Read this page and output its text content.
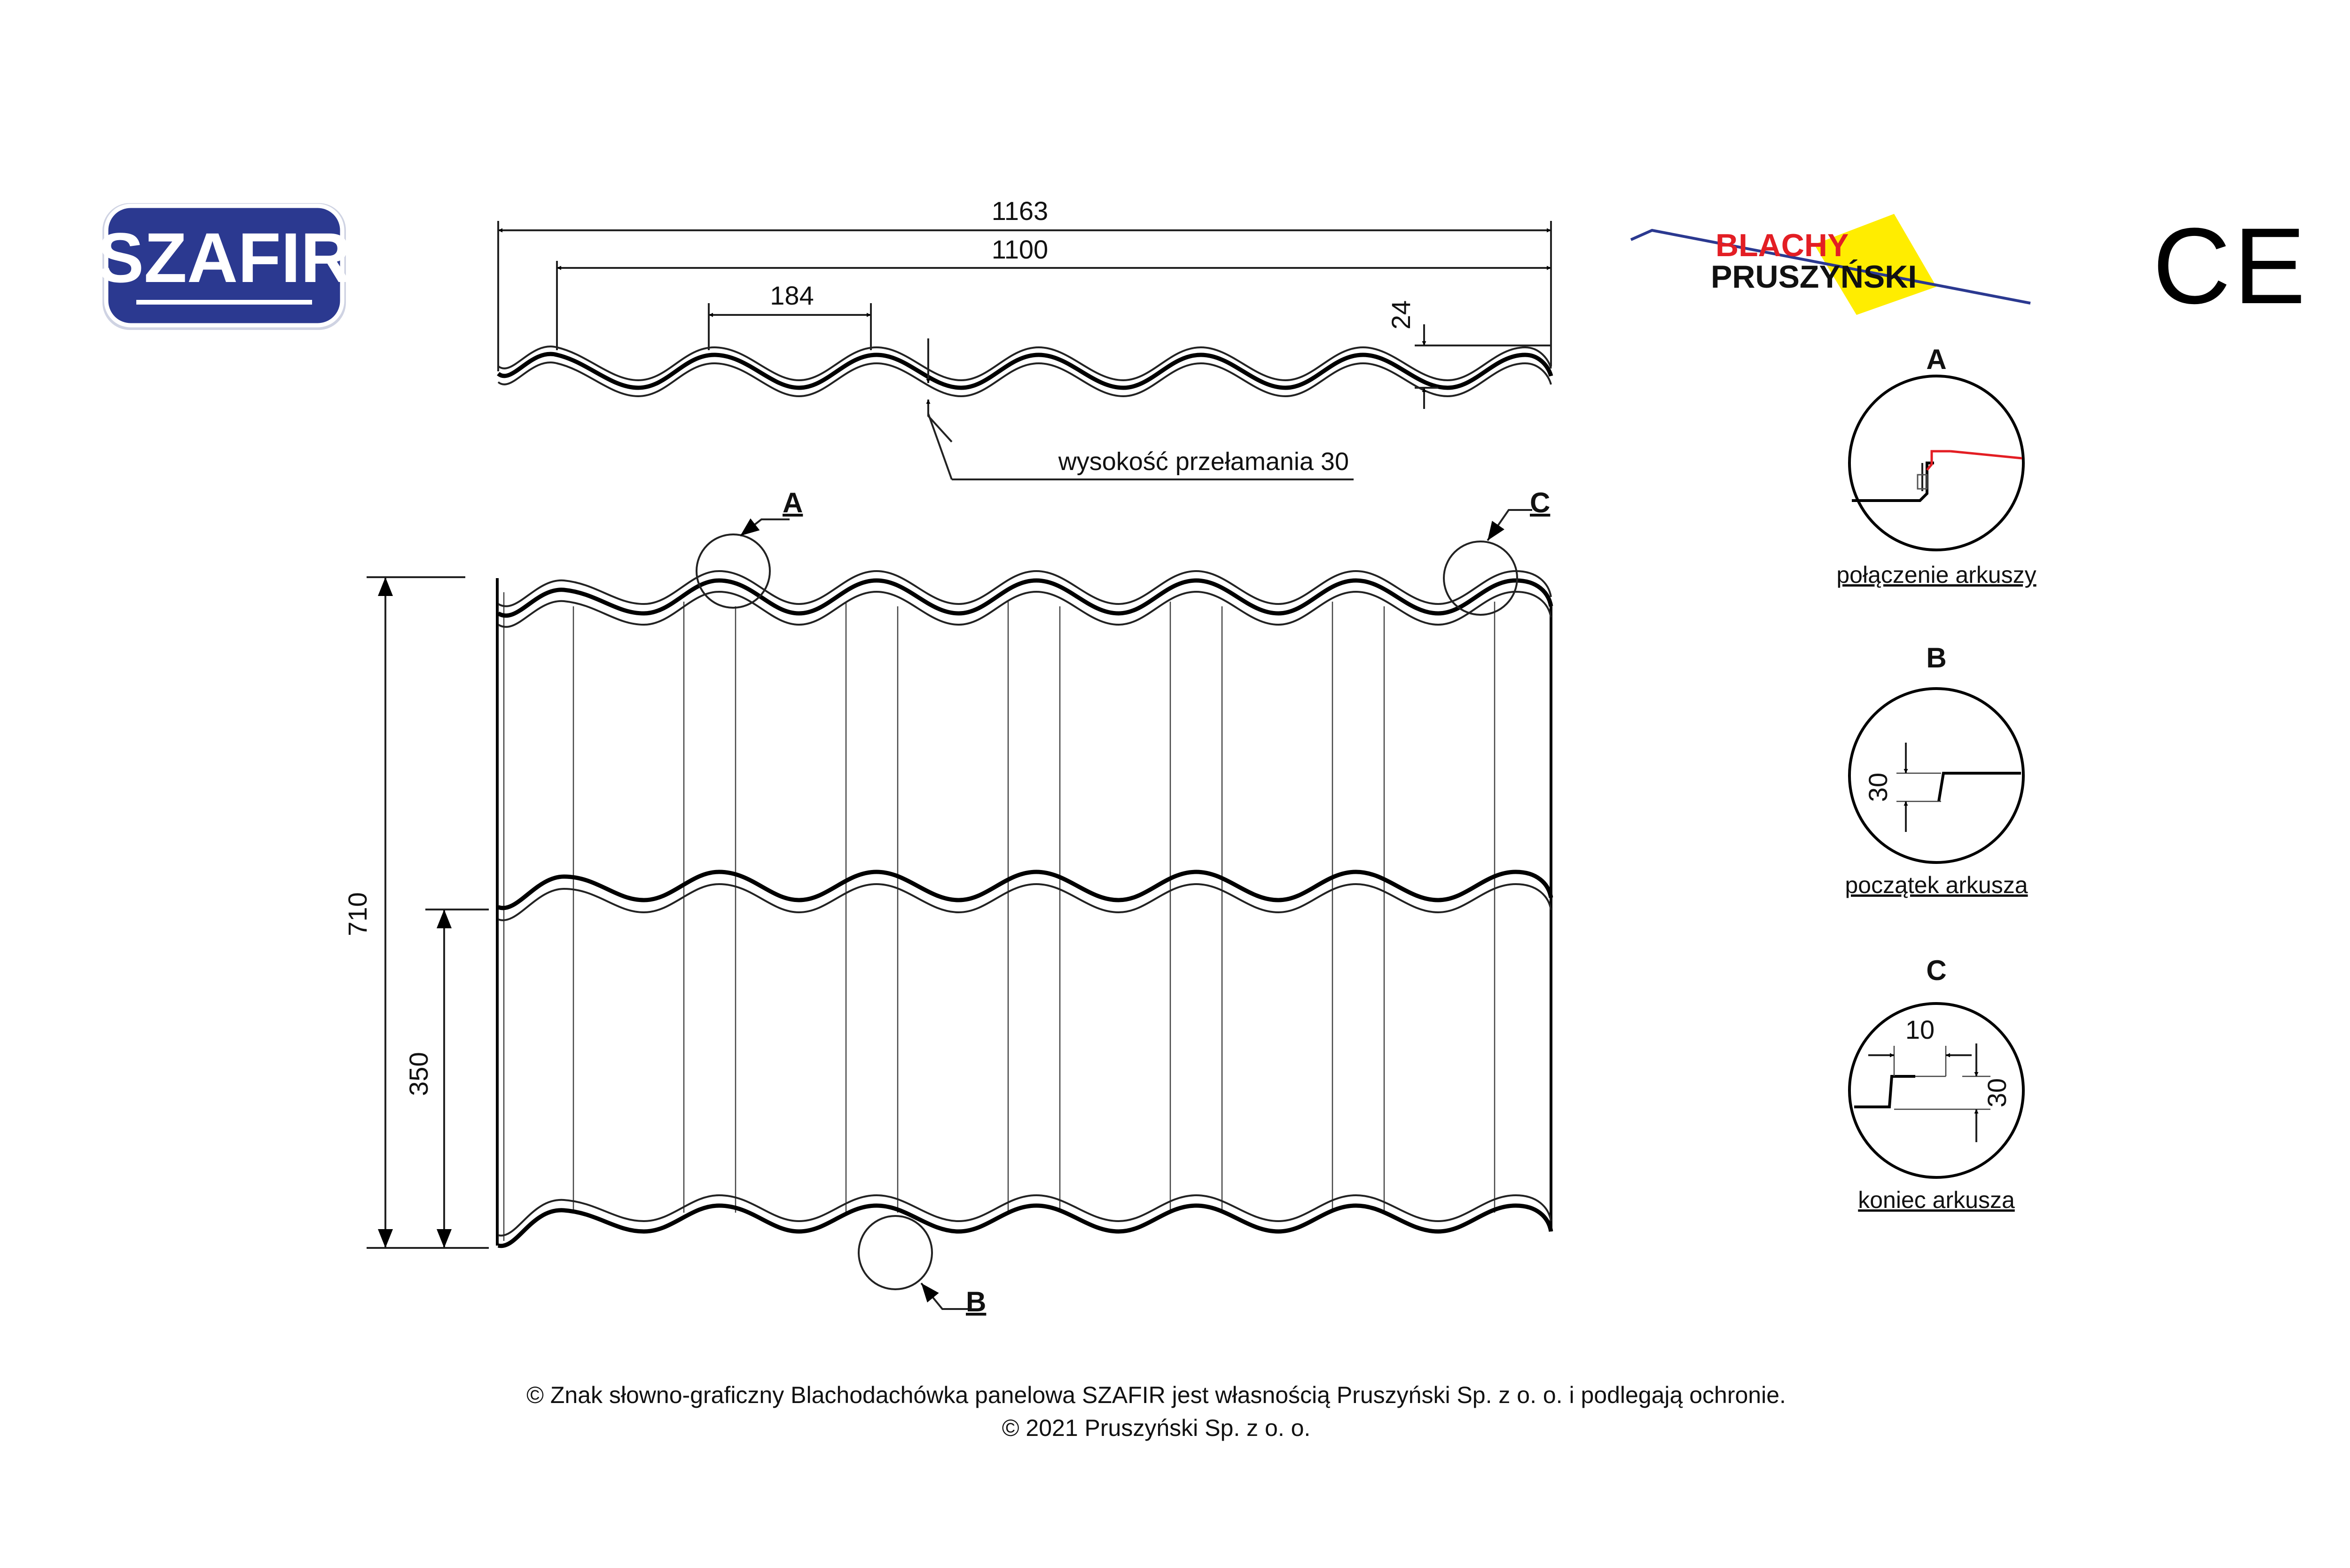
SZAFIR	BLACHY
PRUSZYŃSKI CE
1163
1100
184
24
wysokość przełamania 30
710
350
A	C
B
A
połączenie arkuszy
B
30
początek arkusza
C
10
30
koniec arkusza
© Znak słowno-graficzny Blachodachówka panelowa SZAFIR jest własnością Pruszyński Sp. z o. o. i podlegają ochronie.
© 2021 Pruszyński Sp. z o. o.
